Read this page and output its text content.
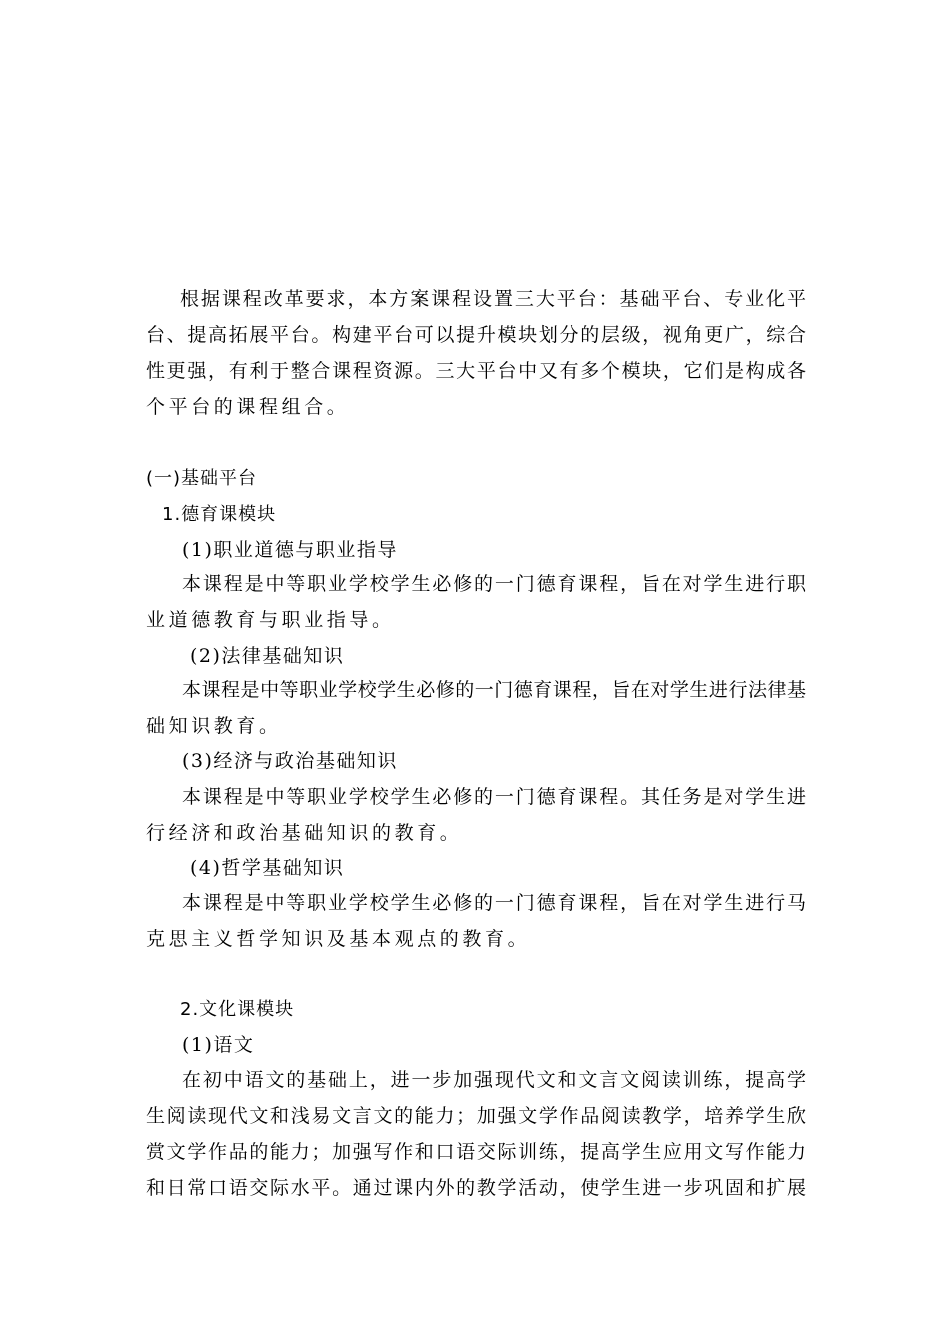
根据课程改革要求，本方案课程设置三大平台：基础平台、专业化平
台、提高拓展平台。构建平台可以提升模块划分的层级，视角更广，综合
性更强，有利于整合课程资源。三大平台中又有多个模块，它们是构成各
个平台的课程组合。
(一)基础平台
1.德育课模块
(1)职业道德与职业指导
本课程是中等职业学校学生必修的一门德育课程，旨在对学生进行职
业道德教育与职业指导。
(2)法律基础知识
本课程是中等职业学校学生必修的一门德育课程，旨在对学生进行法律基
础知识教育。
(3)经济与政治基础知识
本课程是中等职业学校学生必修的一门德育课程。其任务是对学生进
行经济和政治基础知识的教育。
(4)哲学基础知识
本课程是中等职业学校学生必修的一门德育课程，旨在对学生进行马
克思主义哲学知识及基本观点的教育。
2.文化课模块
(1)语文
在初中语文的基础上，进一步加强现代文和文言文阅读训练，提高学
生阅读现代文和浅易文言文的能力；加强文学作品阅读教学，培养学生欣
赏文学作品的能力；加强写作和口语交际训练，提高学生应用文写作能力
和日常口语交际水平。通过课内外的教学活动，使学生进一步巩固和扩展
